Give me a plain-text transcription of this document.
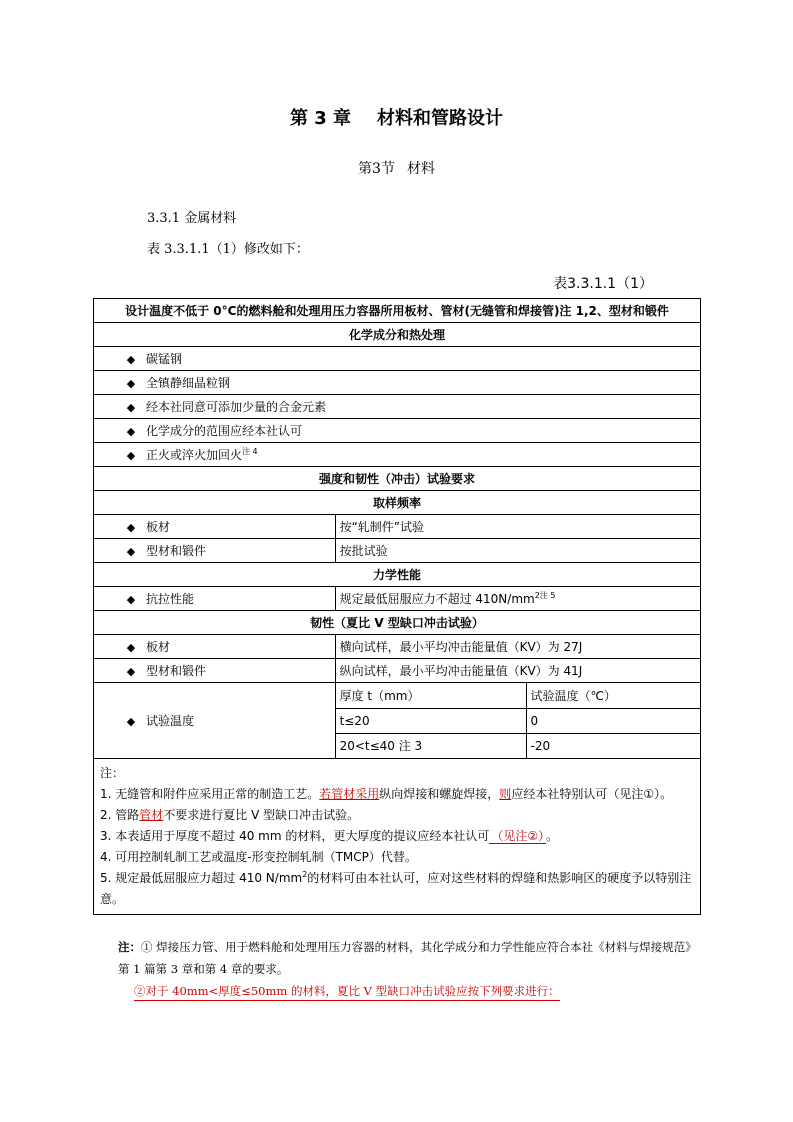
第 3 章 材料和管路设计
第3节 材料
3.3.1 金属材料
表 3.3.1.1（1）修改如下：
表3.3.1.1（1）
设计温度不低于 0°C的燃料舱和处理用压力容器所用板材、管材(无缝管和焊接管)注 1,2、型材和锻件
化学成分和热处理
◆ 碳锰钢
◆ 全镇静细晶粒钢
◆ 经本社同意可添加少量的合金元素
◆ 化学成分的范围应经本社认可
◆ 正火或淬火加回火$^{注 4}$
强度和韧性（冲击）试验要求
取样频率
◆ 板材	按“轧制件”试验
◆ 型材和锻件	按批试验
力学性能
◆ 抗拉性能	规定最低屈服应力不超过 $410N/mm^{2注 5}$
韧性（夏比 V 型缺口冲击试验）
◆ 板材	横向试样，最小平均冲击能量值（KV）为 27J
◆ 型材和锻件	纵向试样，最小平均冲击能量值（KV）为 41J
◆ 试验温度	
厚度 t（mm）	试验温度（℃）
t≤20	0
20<t≤40 注 3	-20

注：
1. 无缝管和附件应采用正常的制造工艺。若管材采用纵向焊接和螺旋焊接，则应经本社特别认可（见注①）。
2. 管路管材不要求进行夏比 V 型缺口冲击试验。
3. 本表适用于厚度不超过 40 mm 的材料，更大厚度的提议应经本社认可 （见注②） 。
4. 可用控制轧制工艺或温度-形变控制轧制（TMCP）代替。
5. 规定最低屈服应力超过 410 $N/mm^2$的材料可由本社认可，应对这些材料的焊缝和热影响区的硬度予以特别注意。
注：① 焊接压力管、用于燃料舱和处理用压力容器的材料，其化学成分和力学性能应符合本社《材料与焊接规范》第 1 篇第 3 章和第 4 章的要求。
②对于 40mm<厚度≤50mm 的材料，夏比 V 型缺口冲击试验应按下列要求进行：
